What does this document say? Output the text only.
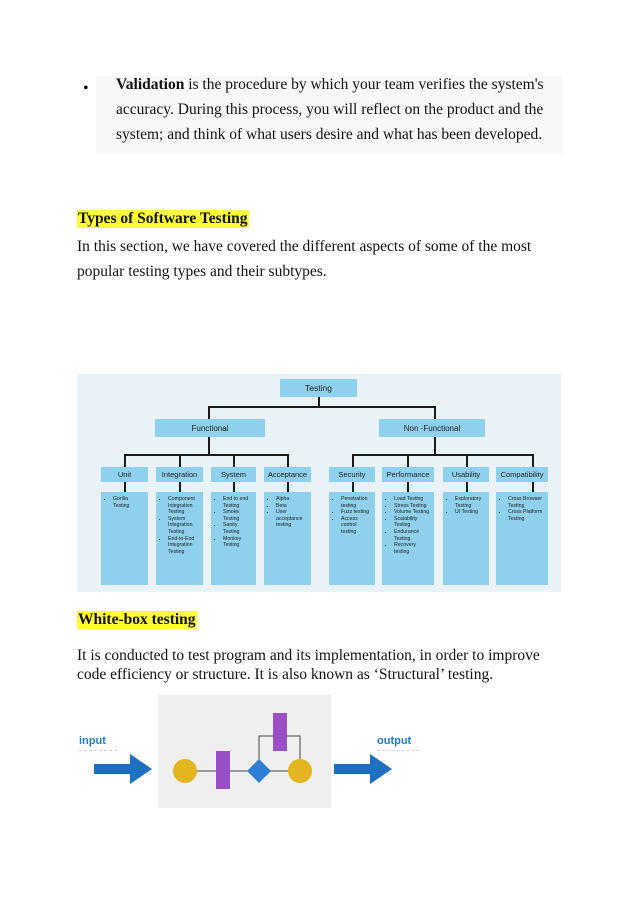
• Validation is the procedure by which your team verifies the system's accuracy. During this process, you will reflect on the product and the system; and think of what users desire and what has been developed.
Types of Software Testing
In this section, we have covered the different aspects of some of the most popular testing types and their subtypes.
Testing
Functional	Non -Functional
Unit	Integration	System	Acceptance	Security	Performance	Usability	Compatibility
• Gorilla Testing
• Component Integration Testing
• System Integration Testing
• End-to-End Integration Testing
• End to end Testing
• Smoke Testing
• Sanity Testing
• Monkey Testing
• Alpha
• Beta
• User acceptance testing
• Penetration testing
• Fuzz testing
• Access control testing
• Load Testing
• Stress Testing
• Volume Testing
• Scalability Testing
• Endurance Testing
• Recovery testing
• Exploratory Testing
• UI Testing
• Cross Browser Testing
• Cross Platform Testing
White-box testing
It is conducted to test program and its implementation, in order to improve code efficiency or structure. It is also known as ‘Structural’ testing.
input	output
